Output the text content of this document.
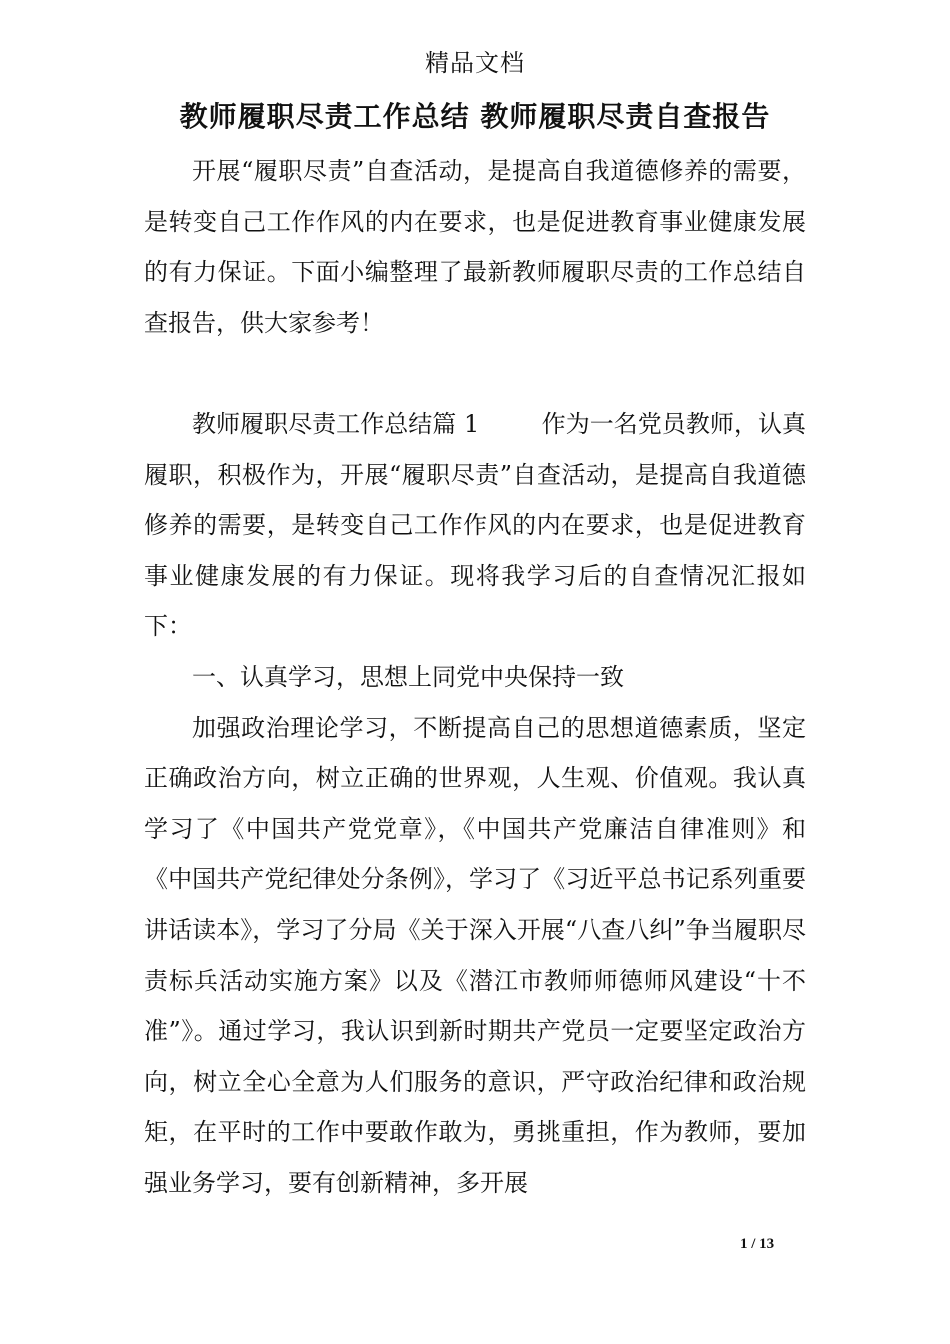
精品文档
教师履职尽责工作总结 教师履职尽责自查报告

开展“履职尽责”自查活动，是提高自我道德修养的需要，是转变自己工作作风的内在要求，也是促进教育事业健康发展的有力保证。下面小编整理了最新教师履职尽责的工作总结自查报告，供大家参考！

教师履职尽责工作总结篇 1	作为一名党员教师，认真履职，积极作为，开展“履职尽责”自查活动，是提高自我道德修养的需要，是转变自己工作作风的内在要求，也是促进教育事业健康发展的有力保证。现将我学习后的自查情况汇报如下：

一、认真学习，思想上同党中央保持一致

加强政治理论学习，不断提高自己的思想道德素质，坚定正确政治方向，树立正确的世界观，人生观、价值观。我认真学习了《中国共产党党章》，《中国共产党廉洁自律准则》和《中国共产党纪律处分条例》，学习了《习近平总书记系列重要讲话读本》，学习了分局《关于深入开展“八查八纠”争当履职尽责标兵活动实施方案》以及《潜江市教师师德师风建设“十不准”》。通过学习，我认识到新时期共产党员一定要坚定政治方向，树立全心全意为人们服务的意识，严守政治纪律和政治规矩，在平时的工作中要敢作敢为，勇挑重担，作为教师，要加强业务学习，要有创新精神，多开展

1 / 13
